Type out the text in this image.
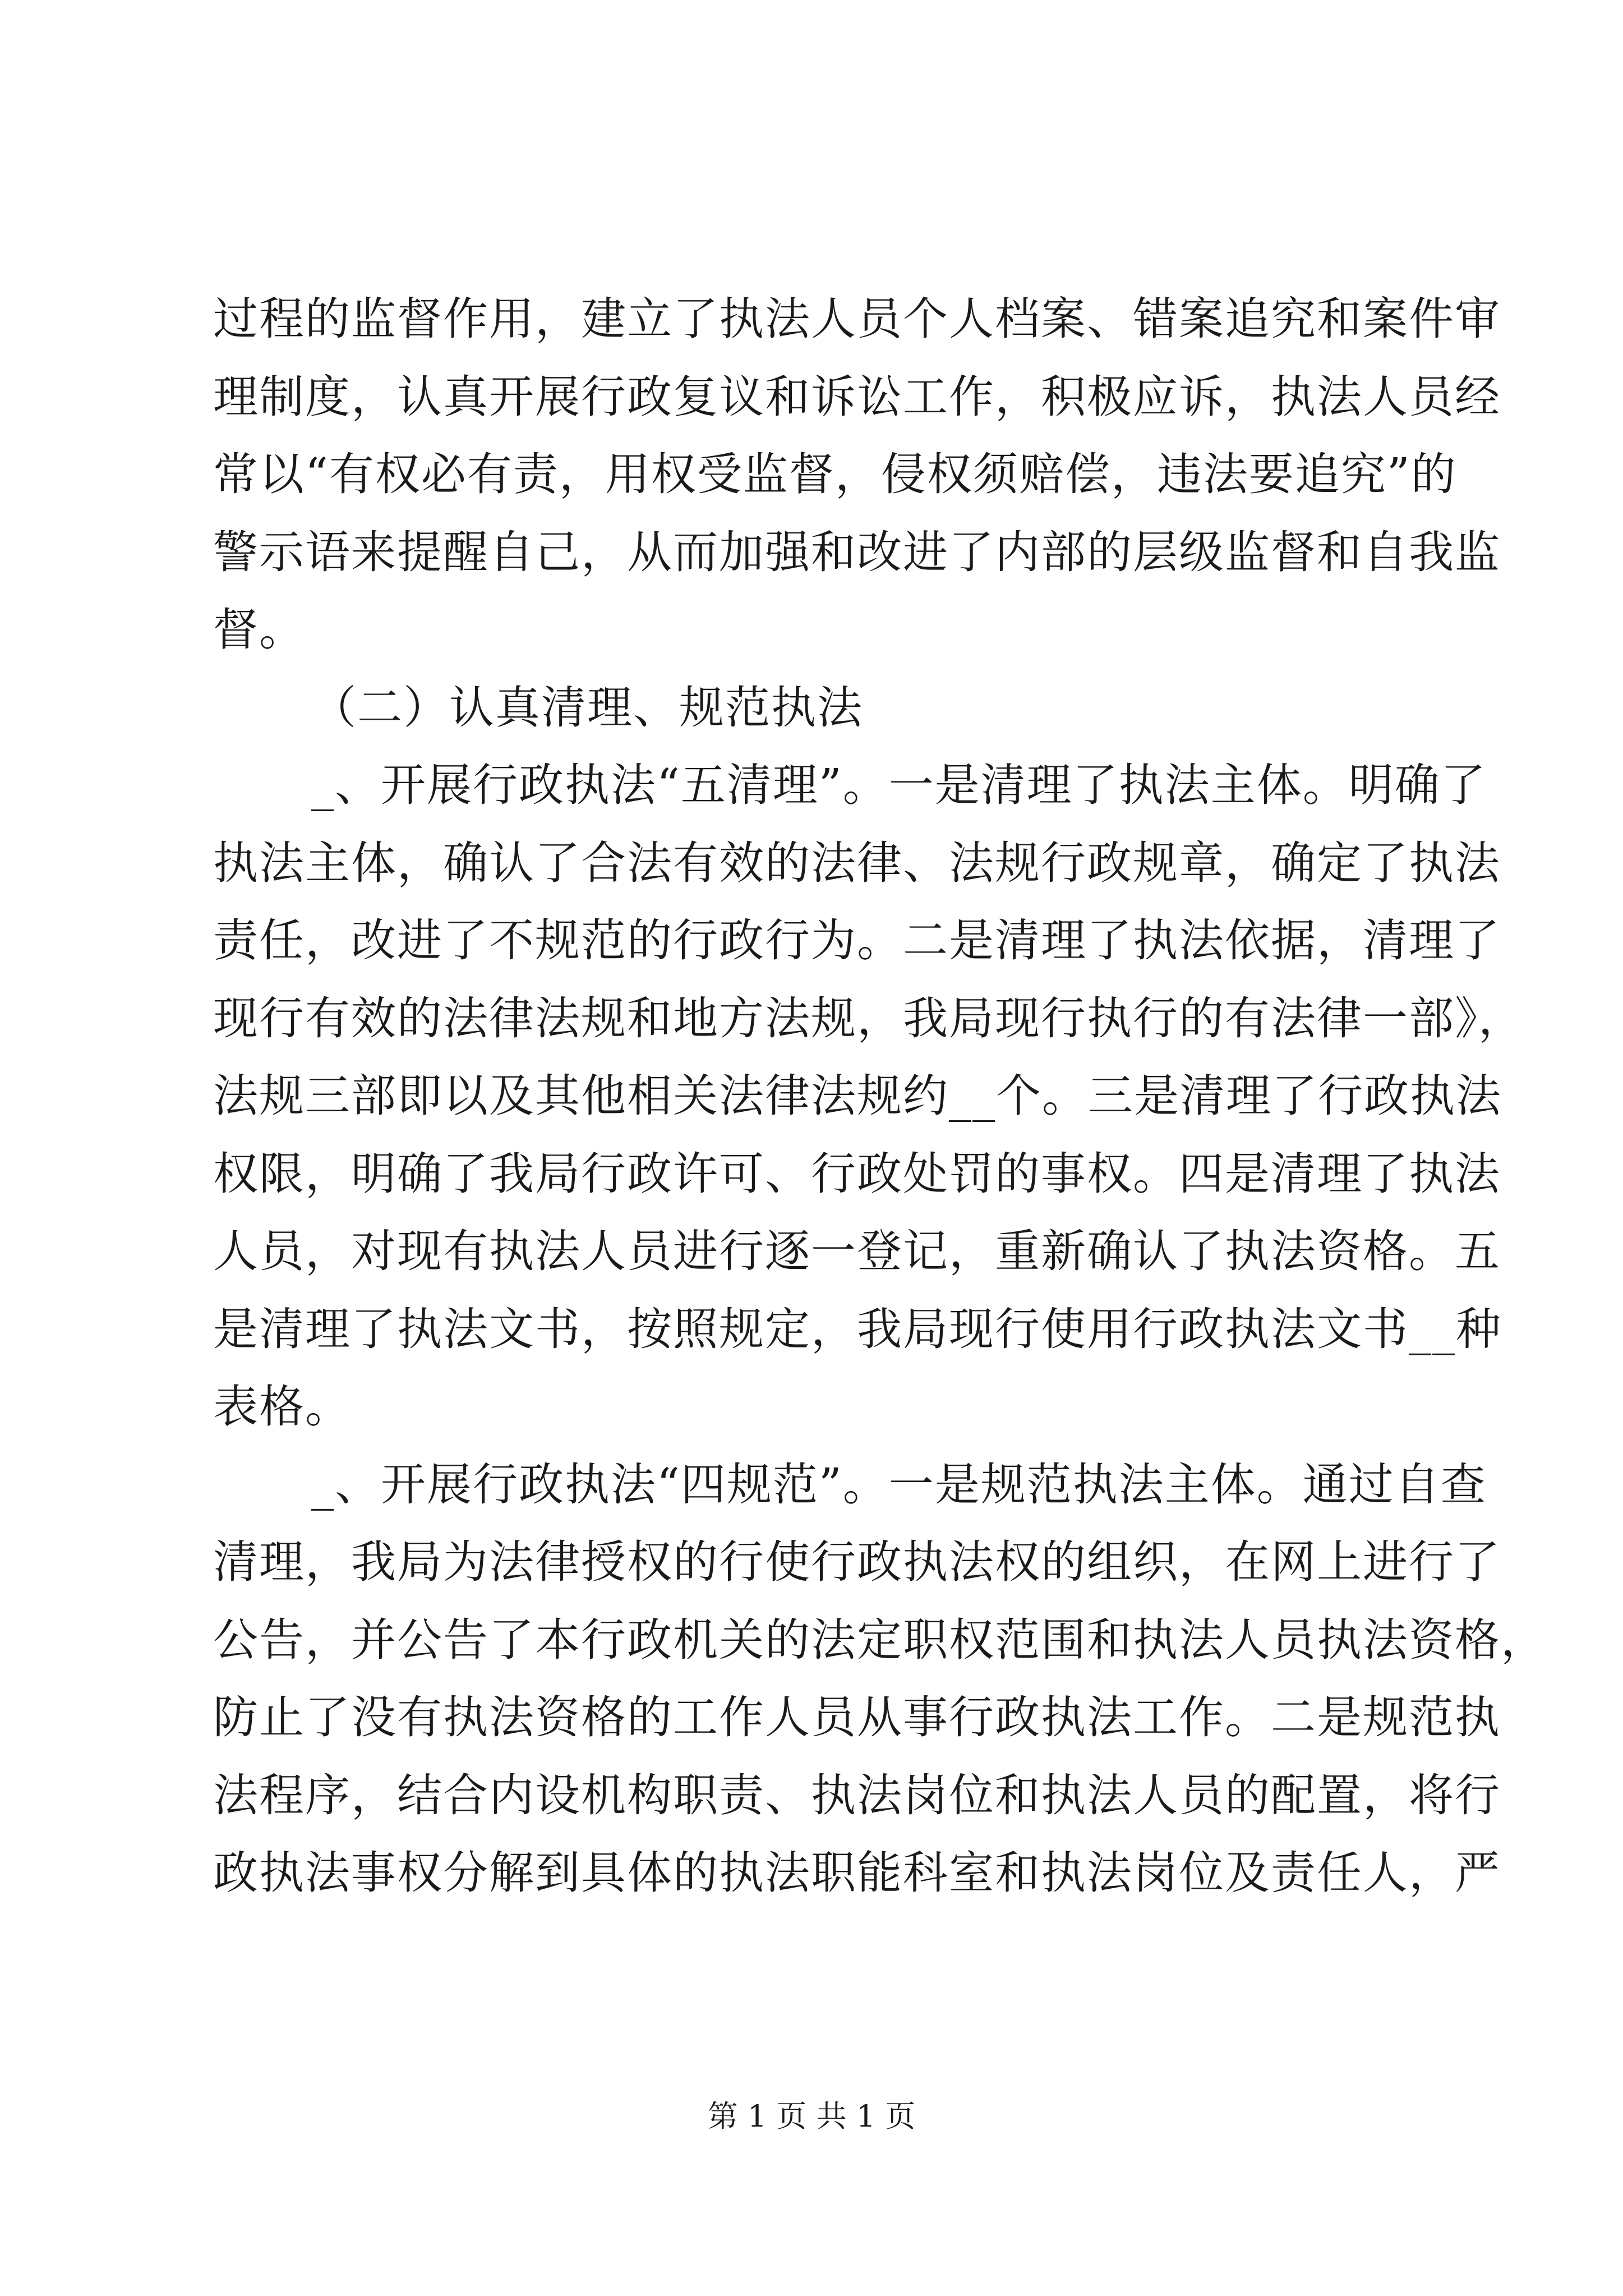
过程的监督作用，建立了执法人员个人档案、错案追究和案件审
理制度，认真开展行政复议和诉讼工作，积极应诉，执法人员经
常以“有权必有责，用权受监督，侵权须赔偿，违法要追究”的
警示语来提醒自己，从而加强和改进了内部的层级监督和自我监
督。
（二）认真清理、规范执法
_、开展行政执法“五清理”。一是清理了执法主体。明确了
执法主体，确认了合法有效的法律、法规行政规章，确定了执法
责任，改进了不规范的行政行为。二是清理了执法依据，清理了
现行有效的法律法规和地方法规，我局现行执行的有法律一部》，
法规三部即以及其他相关法律法规约__个。三是清理了行政执法
权限，明确了我局行政许可、行政处罚的事权。四是清理了执法
人员，对现有执法人员进行逐一登记，重新确认了执法资格。五
是清理了执法文书，按照规定，我局现行使用行政执法文书__种
表格。
_、开展行政执法“四规范”。一是规范执法主体。通过自查
清理，我局为法律授权的行使行政执法权的组织，在网上进行了
公告，并公告了本行政机关的法定职权范围和执法人员执法资格，
防止了没有执法资格的工作人员从事行政执法工作。二是规范执
法程序，结合内设机构职责、执法岗位和执法人员的配置，将行
政执法事权分解到具体的执法职能科室和执法岗位及责任人，严
第 1 页 共 1 页
